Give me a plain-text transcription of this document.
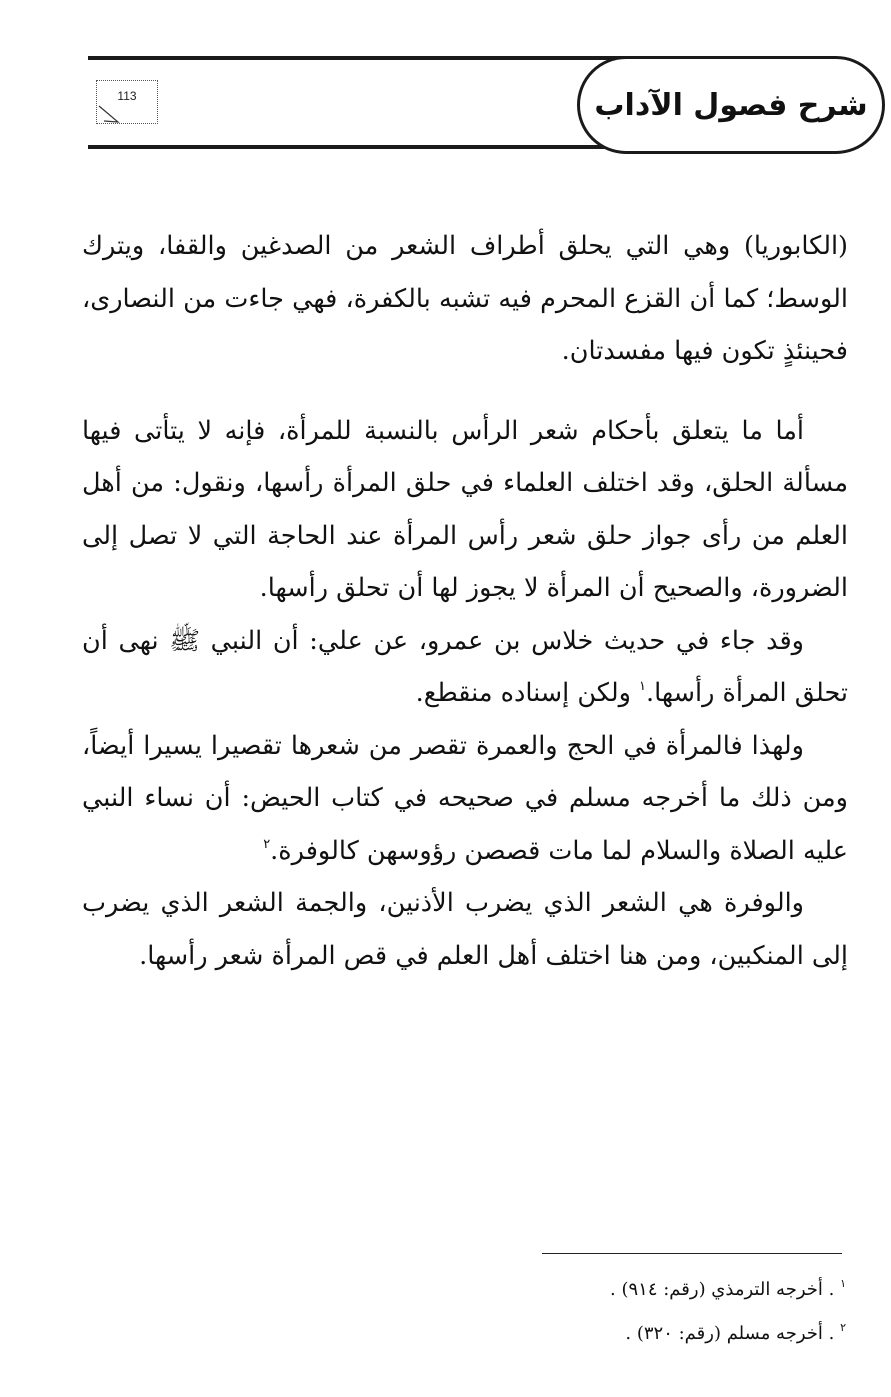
113	شرح فصول الآداب

(الكابوريا) وهي التي يحلق أطراف الشعر من الصدغين والقفا، ويترك الوسط؛ كما أن القزع المحرم فيه تشبه بالكفرة، فهي جاءت من النصارى، فحينئذٍ تكون فيها مفسدتان.

أما ما يتعلق بأحكام شعر الرأس بالنسبة للمرأة، فإنه لا يتأتى فيها مسألة الحلق، وقد اختلف العلماء في حلق المرأة رأسها، ونقول: من أهل العلم من رأى جواز حلق شعر رأس المرأة عند الحاجة التي لا تصل إلى الضرورة، والصحيح أن المرأة لا يجوز لها أن تحلق رأسها.

وقد جاء في حديث خلاس بن عمرو، عن علي: أن النبي ﷺ نهى أن تحلق المرأة رأسها.$^١$ ولكن إسناده منقطع.

ولهذا فالمرأة في الحج والعمرة تقصر من شعرها تقصيرا يسيرا أيضاً، ومن ذلك ما أخرجه مسلم في صحيحه في كتاب الحيض: أن نساء النبي عليه الصلاة والسلام لما مات قصصن رؤوسهن كالوفرة.$^٢$

والوفرة هي الشعر الذي يضرب الأذنين، والجمة الشعر الذي يضرب إلى المنكبين، ومن هنا اختلف أهل العلم في قص المرأة شعر رأسها.

$^١$ . أخرجه الترمذي (رقم: ٩١٤) .
$^٢$ . أخرجه مسلم (رقم: ٣٢٠) .
